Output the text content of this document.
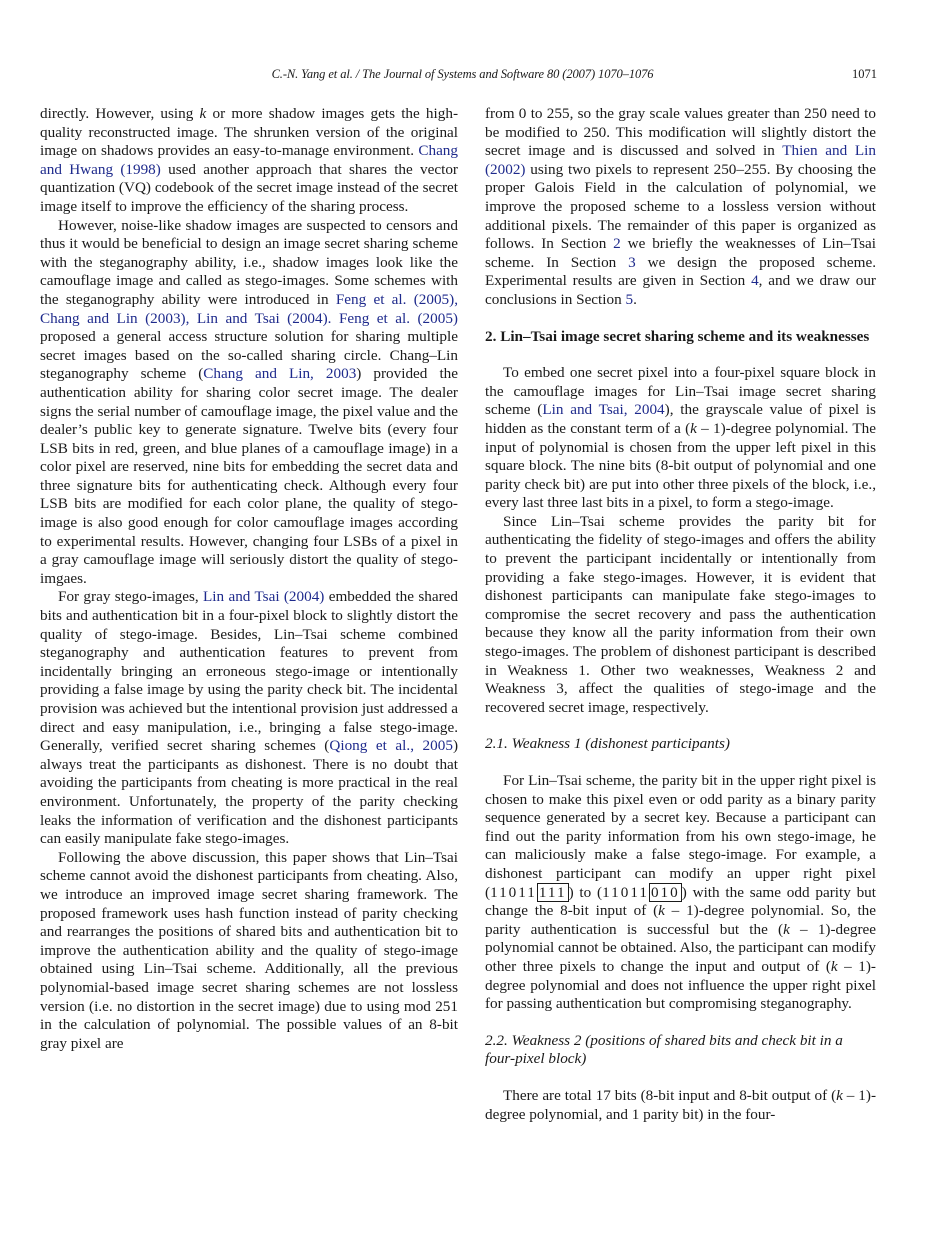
C.-N. Yang et al. / The Journal of Systems and Software 80 (2007) 1070–1076	1071

directly. However, using k or more shadow images gets the high-quality reconstructed image. The shrunken version of the original image on shadows provides an easy-to-manage environment. Chang and Hwang (1998) used another approach that shares the vector quantization (VQ) codebook of the secret image instead of the secret image itself to improve the efficiency of the sharing process.

However, noise-like shadow images are suspected to censors and thus it would be beneficial to design an image secret sharing scheme with the steganography ability, i.e., shadow images look like the camouflage image and called as stego-images. Some schemes with the steganography ability were introduced in Feng et al. (2005), Chang and Lin (2003), Lin and Tsai (2004). Feng et al. (2005) proposed a general access structure solution for sharing multiple secret images based on the so-called sharing circle. Chang–Lin steganography scheme (Chang and Lin, 2003) provided the authentication ability for sharing color secret image. The dealer signs the serial number of camouflage image, the pixel value and the dealer’s public key to generate signature. Twelve bits (every four LSB bits in red, green, and blue planes of a camouflage image) in a color pixel are reserved, nine bits for embedding the secret data and three signature bits for authenticating check. Although every four LSB bits are modified for each color plane, the quality of stego-image is also good enough for color camouflage images according to experimental results. However, changing four LSBs of a pixel in a gray camouflage image will seriously distort the quality of stego-imgaes.

For gray stego-images, Lin and Tsai (2004) embedded the shared bits and authentication bit in a four-pixel block to slightly distort the quality of stego-image. Besides, Lin–Tsai scheme combined steganography and authentication features to prevent from incidentally bringing an erroneous stego-image or intentionally providing a false image by using the parity check bit. The incidental provision was achieved but the intentional provision just addressed a direct and easy manipulation, i.e., bringing a false stego-image. Generally, verified secret sharing schemes (Qiong et al., 2005) always treat the participants as dishonest. There is no doubt that avoiding the participants from cheating is more practical in the real environment. Unfortunately, the property of the parity checking leaks the information of verification and the dishonest participants can easily manipulate fake stego-images.

Following the above discussion, this paper shows that Lin–Tsai scheme cannot avoid the dishonest participants from cheating. Also, we introduce an improved image secret sharing framework. The proposed framework uses hash function instead of parity checking and rearranges the positions of shared bits and authentication bit to improve the authentication ability and the quality of stego-image obtained using Lin–Tsai scheme. Additionally, all the previous polynomial-based image secret sharing schemes are not lossless version (i.e. no distortion in the secret image) due to using mod 251 in the calculation of polynomial. The possible values of an 8-bit gray pixel are

from 0 to 255, so the gray scale values greater than 250 need to be modified to 250. This modification will slightly distort the secret image and is discussed and solved in Thien and Lin (2002) using two pixels to represent 250–255. By choosing the proper Galois Field in the calculation of polynomial, we improve the proposed scheme to a lossless version without additional pixels. The remainder of this paper is organized as follows. In Section 2 we briefly the weaknesses of Lin–Tsai scheme. In Section 3 we design the proposed scheme. Experimental results are given in Section 4, and we draw our conclusions in Section 5.

2. Lin–Tsai image secret sharing scheme and its weaknesses

To embed one secret pixel into a four-pixel square block in the camouflage images for Lin–Tsai image secret sharing scheme (Lin and Tsai, 2004), the grayscale value of pixel is hidden as the constant term of a (k – 1)-degree polynomial. The input of polynomial is chosen from the upper left pixel in this square block. The nine bits (8-bit output of polynomial and one parity check bit) are put into other three pixels of the block, i.e., every last three last bits in a pixel, to form a stego-image.

Since Lin–Tsai scheme provides the parity bit for authenticating the fidelity of stego-images and offers the ability to prevent the participant incidentally or intentionally from providing a fake stego-images. However, it is evident that dishonest participants can manipulate fake stego-images to compromise the secret recovery and pass the authentication because they know all the parity information from their own stego-images. The problem of dishonest participant is described in Weakness 1. Other two weaknesses, Weakness 2 and Weakness 3, affect the qualities of stego-image and the recovered secret image, respectively.

2.1. Weakness 1 (dishonest participants)

For Lin–Tsai scheme, the parity bit in the upper right pixel is chosen to make this pixel even or odd parity as a binary parity sequence generated by a secret key. Because a participant can find out the parity information from his own stego-image, he can maliciously make a false stego-image. For example, a dishonest participant can modify an upper right pixel (11011 111 ) to (11011 010 ) with the same odd parity but change the 8-bit input of (k – 1)-degree polynomial. So, the parity authentication is successful but the (k – 1)-degree polynomial cannot be obtained. Also, the participant can modify other three pixels to change the input and output of (k – 1)-degree polynomial and does not influence the upper right pixel for passing authentication but compromising steganography.

2.2. Weakness 2 (positions of shared bits and check bit in a four-pixel block)

There are total 17 bits (8-bit input and 8-bit output of (k – 1)-degree polynomial, and 1 parity bit) in the four-
